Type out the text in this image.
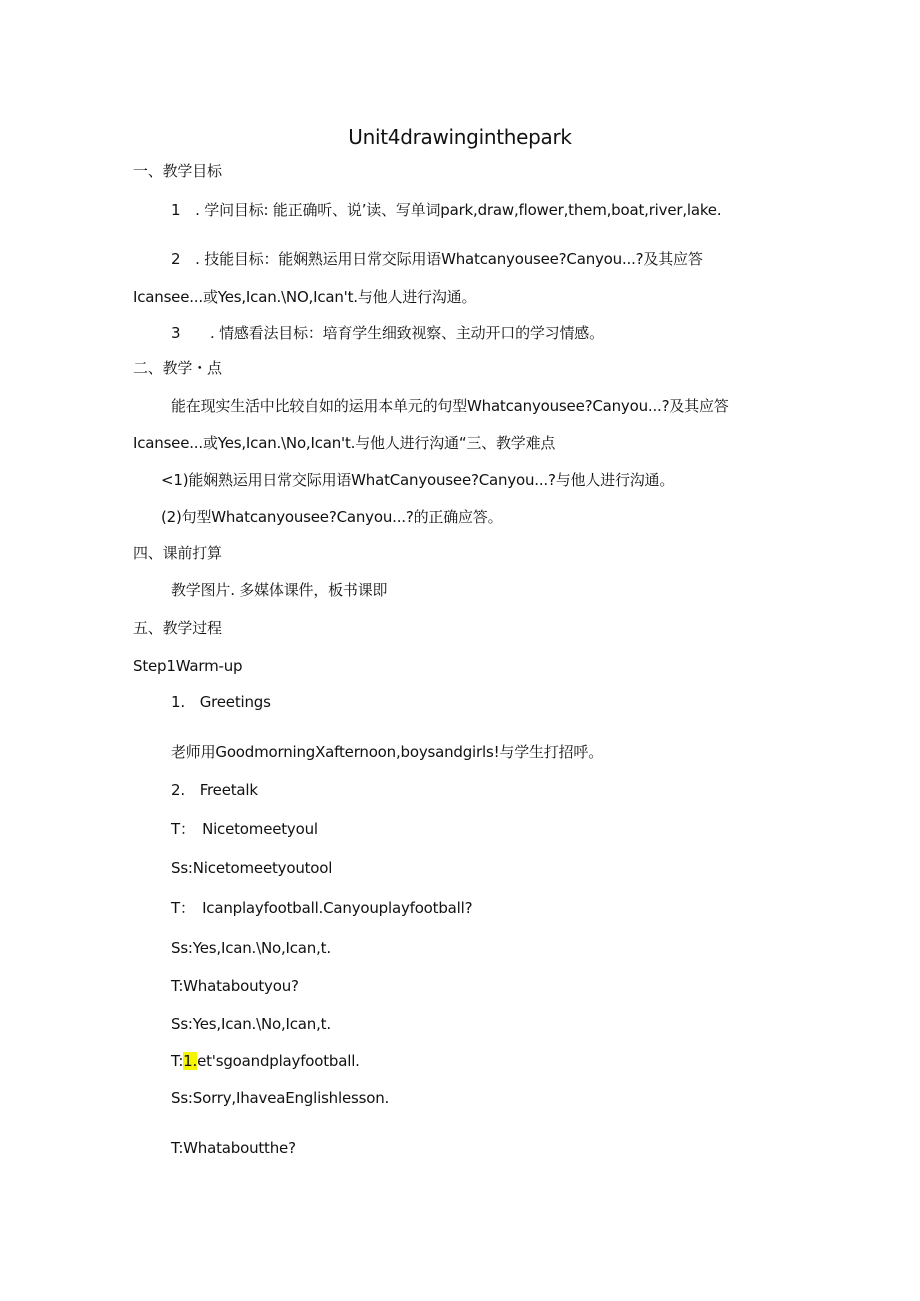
Unit4drawinginthepark
一、教学目标
1　. 学问目标: 能正确听、说’读、写单词park,draw,flower,them,boat,river,lake.
2　. 技能目标：能娴熟运用日常交际用语Whatcanyousee?Canyou...?及其应答
Icansee...或Yes,Ican.\NO,Ican't.与他人进行沟通。
3　　. 情感看法目标：培育学生细致视察、主动开口的学习情感。
二、教学・点
能在现实生活中比较自如的运用本单元的句型Whatcanyousee?Canyou...?及其应答
Icansee...或Yes,Ican.\No,Ican't.与他人进行沟通“三、教学难点
<1)能娴熟运用日常交际用语WhatCanyousee?Canyou...?与他人进行沟通。
(2)句型Whatcanyousee?Canyou...?的正确应答。
四、课前打算
教学图片. 多媒体课件，板书课即
五、教学过程
Step1Warm-up
1.　Greetings
老师用GoodmorningXafternoon,boysandgirls!与学生打招呼。
2.　Freetalk
T：　Nicetomeetyoul
Ss:Nicetomeetyoutool
T：　Icanplayfootball.Canyouplayfootball?
Ss:Yes,Ican.\No,Ican,t.
T:Whataboutyou?
Ss:Yes,Ican.\No,Ican,t.
T:1.et'sgoandplayfootball.
Ss:Sorry,IhaveaEnglishlesson.
T:Whataboutthe?
